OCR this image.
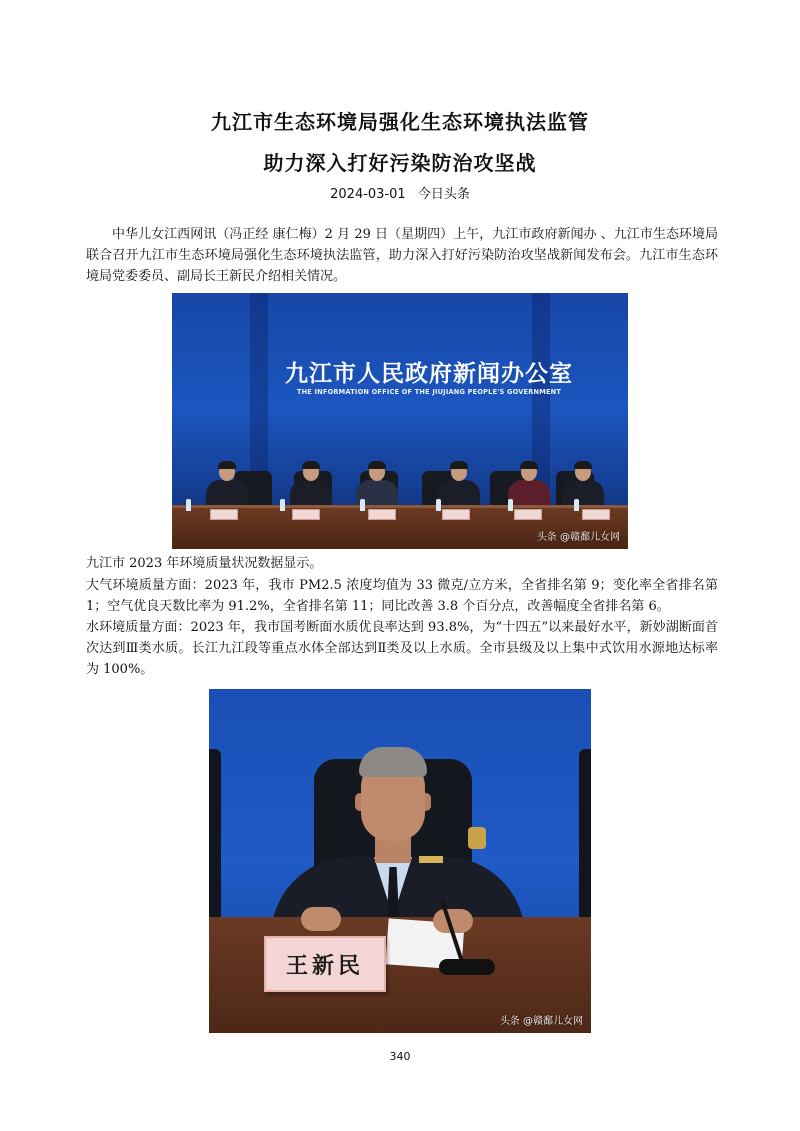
九江市生态环境局强化生态环境执法监管
助力深入打好污染防治攻坚战
2024-03-01 今日头条
中华儿女江西网讯（冯正经 康仁梅）2 月 29 日（星期四）上午，九江市政府新闻办 、九江市生态环境局联合召开九江市生态环境局强化生态环境执法监管，助力深入打好污染防治攻坚战新闻发布会。九江市生态环境局党委委员、副局长王新民介绍相关情况。
九江市人民政府新闻办公室
THE INFORMATION OFFICE OF THE JIUJIANG PEOPLE'S GOVERNMENT
头条 @赣鄱儿女网
九江市 2023 年环境质量状况数据显示。
大气环境质量方面：2023 年，我市 PM2.5 浓度均值为 33 微克/立方米，全省排名第 9；变化率全省排名第 1；空气优良天数比率为 91.2%，全省排名第 11；同比改善 3.8 个百分点，改善幅度全省排名第 6。
水环境质量方面：2023 年，我市国考断面水质优良率达到 93.8%，为“十四五”以来最好水平，新妙湖断面首次达到Ⅲ类水质。长江九江段等重点水体全部达到Ⅱ类及以上水质。全市县级及以上集中式饮用水源地达标率为 100%。
王新民
头条 @赣鄱儿女网
340
